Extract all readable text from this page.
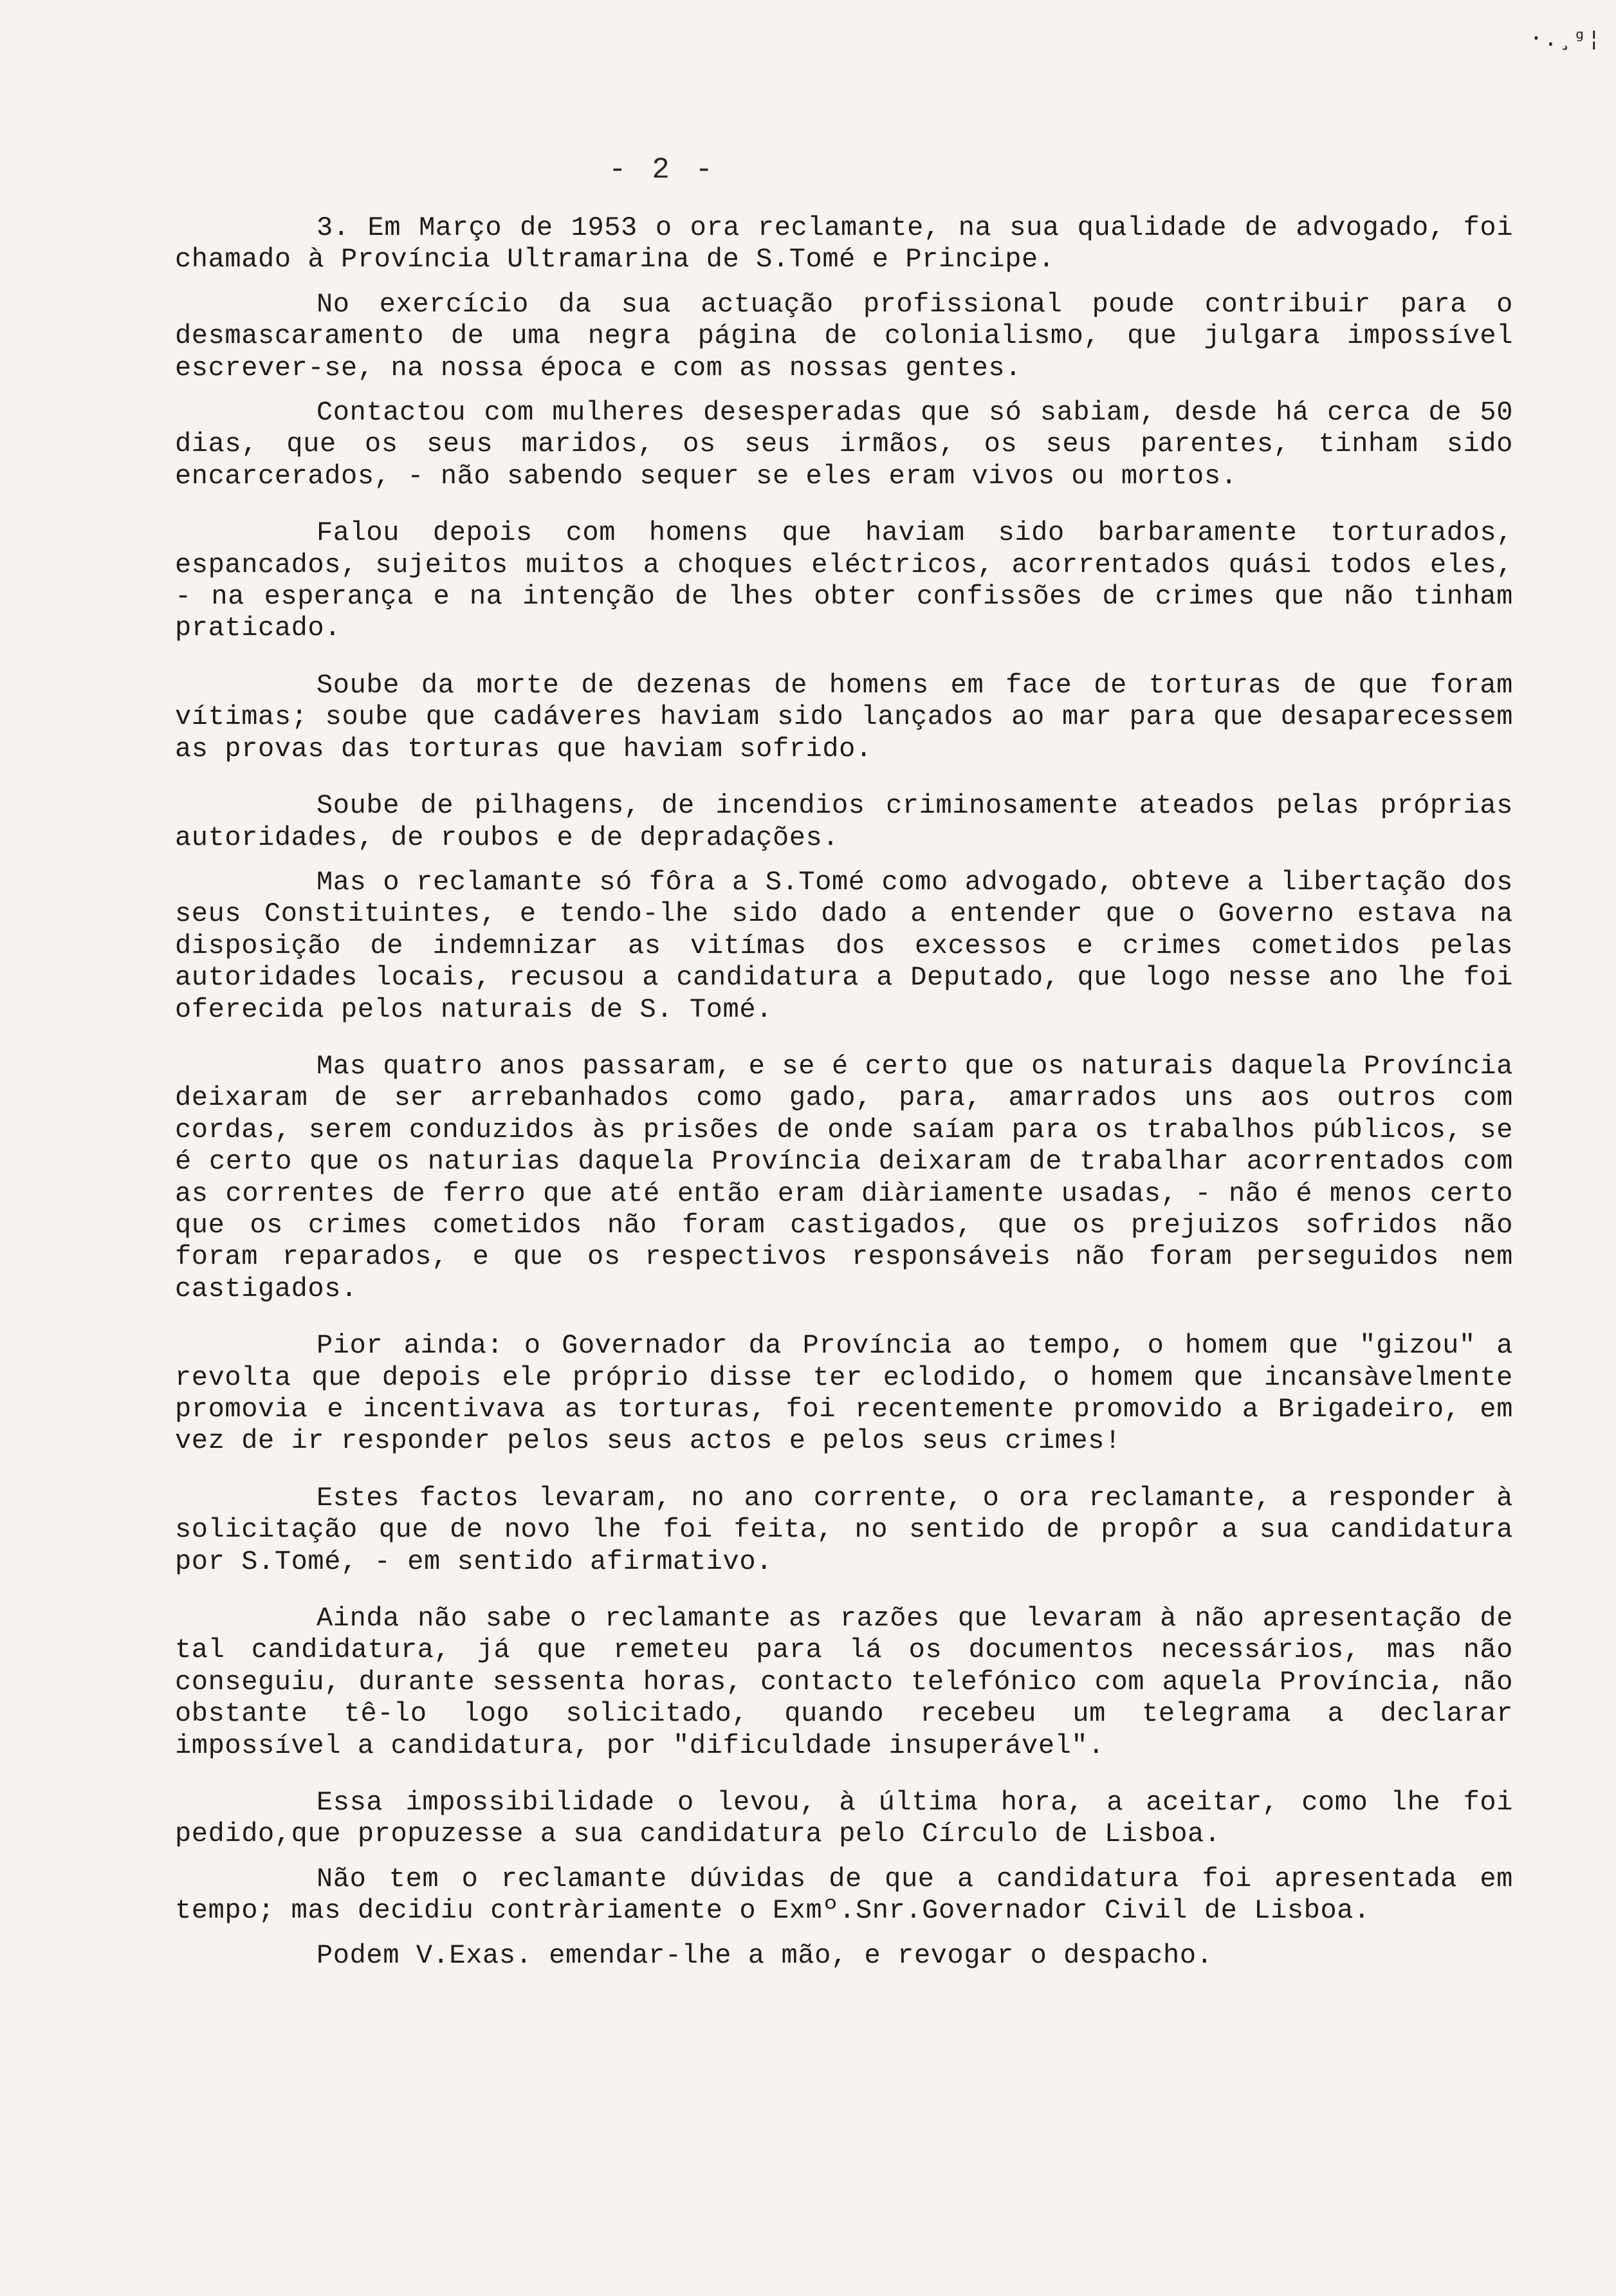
·.¸ᵍ¦
- 2 -

3. Em Março de 1953 o ora reclamante, na sua qualidade de advogado, foi chamado à Província Ultramarina de S.Tomé e Principe.

No exercício da sua actuação profissional poude contribuir para o desmascaramento de uma negra página de colonialismo, que julgara impossível escrever-se, na nossa época e com as nossas gentes.

Contactou com mulheres desesperadas que só sabiam, desde há cerca de 50 dias, que os seus maridos, os seus irmãos, os seus parentes, tinham sido encarcerados, - não sabendo sequer se eles eram vivos ou mortos.

Falou depois com homens que haviam sido barbaramente torturados, espancados, sujeitos muitos a choques eléctricos, acorrentados quási todos eles, - na esperança e na intenção de lhes obter confissões de crimes que não tinham praticado.

Soube da morte de dezenas de homens em face de torturas de que foram vítimas; soube que cadáveres haviam sido lançados ao mar para que desaparecessem as provas das torturas que haviam sofrido.

Soube de pilhagens, de incendios criminosamente ateados pelas próprias autoridades, de roubos e de depradações.

Mas o reclamante só fôra a S.Tomé como advogado, obteve a libertação dos seus Constituintes, e tendo-lhe sido dado a entender que o Governo estava na disposição de indemnizar as vitímas dos excessos e crimes cometidos pelas autoridades locais, recusou a candidatura a Deputado, que logo nesse ano lhe foi oferecida pelos naturais de S. Tomé.

Mas quatro anos passaram, e se é certo que os naturais daquela Província deixaram de ser arrebanhados como gado, para, amarrados uns aos outros com cordas, serem conduzidos às prisões de onde saíam para os trabalhos públicos, se é certo que os naturias daquela Província deixaram de trabalhar acorrentados com as correntes de ferro que até então eram diàriamente usadas, - não é menos certo que os crimes cometidos não foram castigados, que os prejuizos sofridos não foram reparados, e que os respectivos responsáveis não foram perseguidos nem castigados.

Pior ainda: o Governador da Província ao tempo, o homem que "gizou" a revolta que depois ele próprio disse ter eclodido, o homem que incansàvelmente promovia e incentivava as torturas, foi recentemente promovido a Brigadeiro, em vez de ir responder pelos seus actos e pelos seus crimes!

Estes factos levaram, no ano corrente, o ora reclamante, a responder à solicitação que de novo lhe foi feita, no sentido de propôr a sua candidatura por S.Tomé, - em sentido afirmativo.

Ainda não sabe o reclamante as razões que levaram à não apresentação de tal candidatura, já que remeteu para lá os documentos necessários, mas não conseguiu, durante sessenta horas, contacto telefónico com aquela Província, não obstante tê-lo logo solicitado, quando recebeu um telegrama a declarar impossível a candidatura, por "dificuldade insuperável".

Essa impossibilidade o levou, à última hora, a aceitar, como lhe foi pedido,que propuzesse a sua candidatura pelo Círculo de Lisboa.

Não tem o reclamante dúvidas de que a candidatura foi apresentada em tempo; mas decidiu contràriamente o Exmº.Snr.Governador Civil de Lisboa.

Podem V.Exas. emendar-lhe a mão, e revogar o despacho.
